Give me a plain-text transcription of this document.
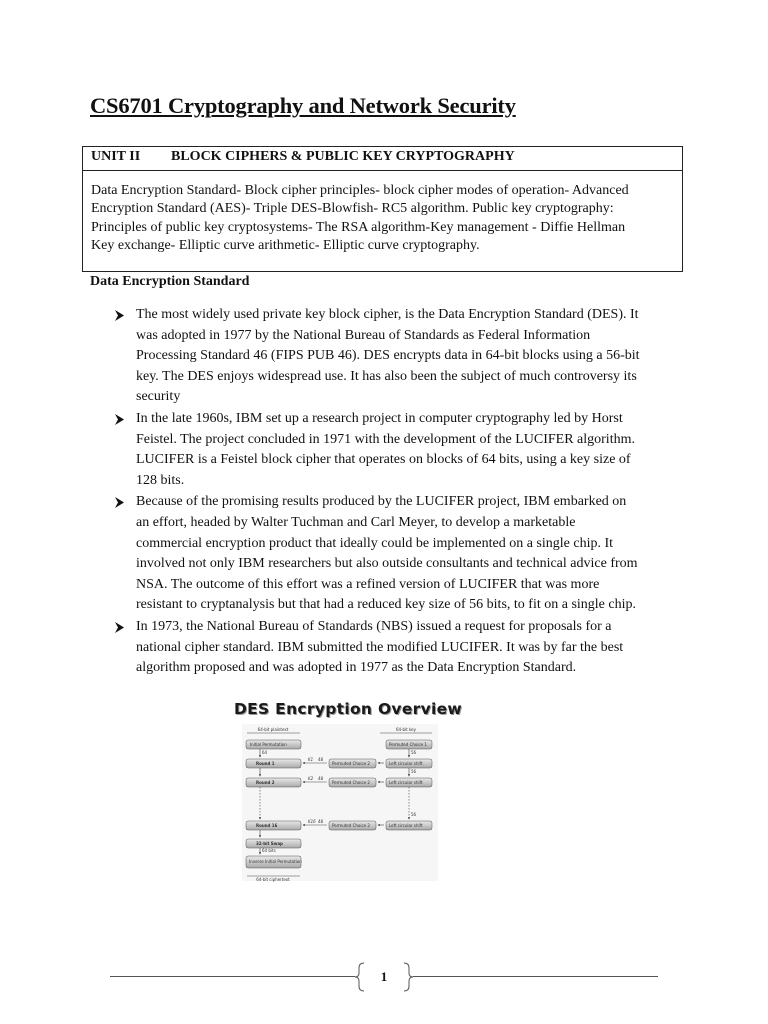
CS6701 Cryptography and Network Security
UNIT II BLOCK CIPHERS & PUBLIC KEY CRYPTOGRAPHY
Data Encryption Standard- Block cipher principles- block cipher modes of operation- Advanced
Encryption Standard (AES)- Triple DES-Blowfish- RC5 algorithm. Public key cryptography:
Principles of public key cryptosystems- The RSA algorithm-Key management - Diffie Hellman
Key exchange- Elliptic curve arithmetic- Elliptic curve cryptography.
Data Encryption Standard
The most widely used private key block cipher, is the Data Encryption Standard (DES). It
was adopted in 1977 by the National Bureau of Standards as Federal Information
Processing Standard 46 (FIPS PUB 46). DES encrypts data in 64-bit blocks using a 56-bit
key. The DES enjoys widespread use. It has also been the subject of much controversy its
security
In the late 1960s, IBM set up a research project in computer cryptography led by Horst
Feistel. The project concluded in 1971 with the development of the LUCIFER algorithm.
LUCIFER is a Feistel block cipher that operates on blocks of 64 bits, using a key size of
128 bits.
Because of the promising results produced by the LUCIFER project, IBM embarked on
an effort, headed by Walter Tuchman and Carl Meyer, to develop a marketable
commercial encryption product that ideally could be implemented on a single chip. It
involved not only IBM researchers but also outside consultants and technical advice from
NSA. The outcome of this effort was a refined version of LUCIFER that was more
resistant to cryptanalysis but that had a reduced key size of 56 bits, to fit on a single chip.
In 1973, the National Bureau of Standards (NBS) issued a request for proposals for a
national cipher standard. IBM submitted the modified LUCIFER. It was by far the best
algorithm proposed and was adopted in 1977 as the Data Encryption Standard.
DES Encryption Overview
64-bit plaintext	64-bit key
Initial Permutation
64
Round 1
Round 2
Round 16
32-bit Swap
64 bits
Inverse Initial Permutation
64-bit ciphertext
K1 48
K2 48
K16 48
Permuted Choice 2
Permuted Choice 2
Permuted Choice 2
Permuted Choice 1
56
Left circular shift
56
Left circular shift
56
Left circular shift
1
